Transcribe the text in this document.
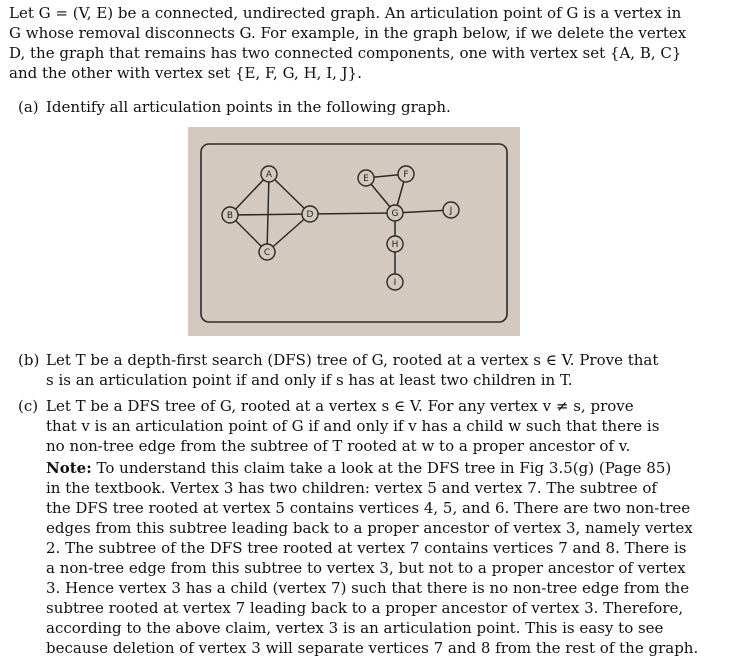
Let G = (V, E) be a connected, undirected graph. An articulation point of G is a vertex in
G whose removal disconnects G. For example, in the graph below, if we delete the vertex
D, the graph that remains has two connected components, one with vertex set {A, B, C}
and the other with vertex set {E, F, G, H, I, J}.
(a) Identify all articulation points in the following graph.
A
B
C
D
E	F
G
H
I
J
(b) Let T be a depth-first search (DFS) tree of G, rooted at a vertex s ∈ V. Prove that
s is an articulation point if and only if s has at least two children in T.
(c) Let T be a DFS tree of G, rooted at a vertex s ∈ V. For any vertex v ≠ s, prove
that v is an articulation point of G if and only if v has a child w such that there is
no non-tree edge from the subtree of T rooted at w to a proper ancestor of v.
Note: To understand this claim take a look at the DFS tree in Fig 3.5(g) (Page 85)
in the textbook. Vertex 3 has two children: vertex 5 and vertex 7. The subtree of
the DFS tree rooted at vertex 5 contains vertices 4, 5, and 6. There are two non-tree
edges from this subtree leading back to a proper ancestor of vertex 3, namely vertex
2. The subtree of the DFS tree rooted at vertex 7 contains vertices 7 and 8. There is
a non-tree edge from this subtree to vertex 3, but not to a proper ancestor of vertex
3. Hence vertex 3 has a child (vertex 7) such that there is no non-tree edge from the
subtree rooted at vertex 7 leading back to a proper ancestor of vertex 3. Therefore,
according to the above claim, vertex 3 is an articulation point. This is easy to see
because deletion of vertex 3 will separate vertices 7 and 8 from the rest of the graph.
